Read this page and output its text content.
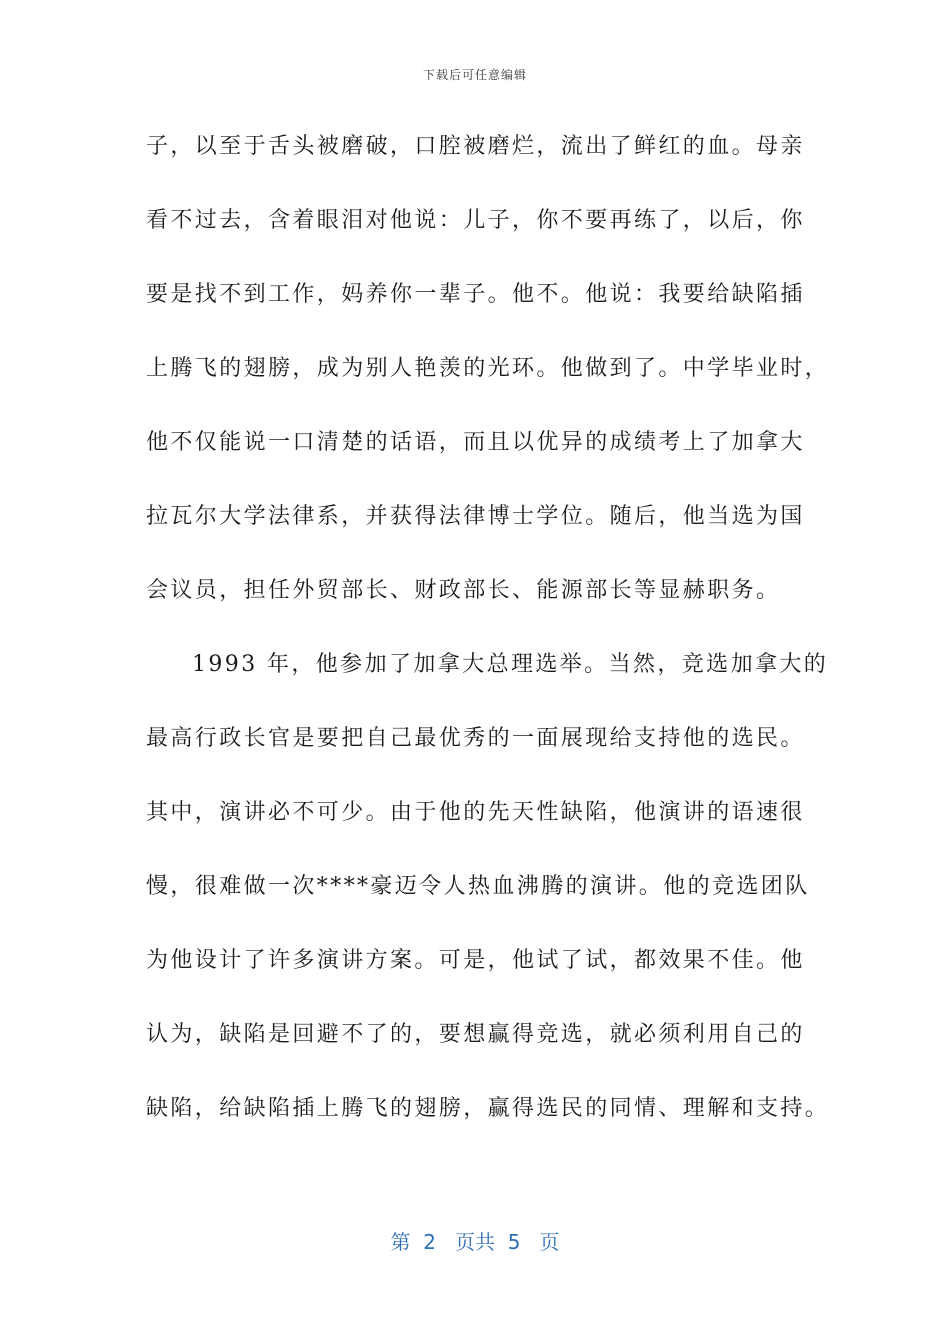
下载后可任意编辑
子，以至于舌头被磨破，口腔被磨烂，流出了鲜红的血。母亲
看不过去，含着眼泪对他说：儿子，你不要再练了，以后，你
要是找不到工作，妈养你一辈子。他不。他说：我要给缺陷插
上腾飞的翅膀，成为别人艳羡的光环。他做到了。中学毕业时，
他不仅能说一口清楚的话语，而且以优异的成绩考上了加拿大
拉瓦尔大学法律系，并获得法律博士学位。随后，他当选为国
会议员，担任外贸部长、财政部长、能源部长等显赫职务。
1993 年，他参加了加拿大总理选举。当然，竞选加拿大的
最高行政长官是要把自己最优秀的一面展现给支持他的选民。
其中，演讲必不可少。由于他的先天性缺陷，他演讲的语速很
慢，很难做一次****豪迈令人热血沸腾的演讲。他的竞选团队
为他设计了许多演讲方案。可是，他试了试，都效果不佳。他
认为，缺陷是回避不了的，要想赢得竞选，就必须利用自己的
缺陷，给缺陷插上腾飞的翅膀，赢得选民的同情、理解和支持。
第  2   页共  5   页
